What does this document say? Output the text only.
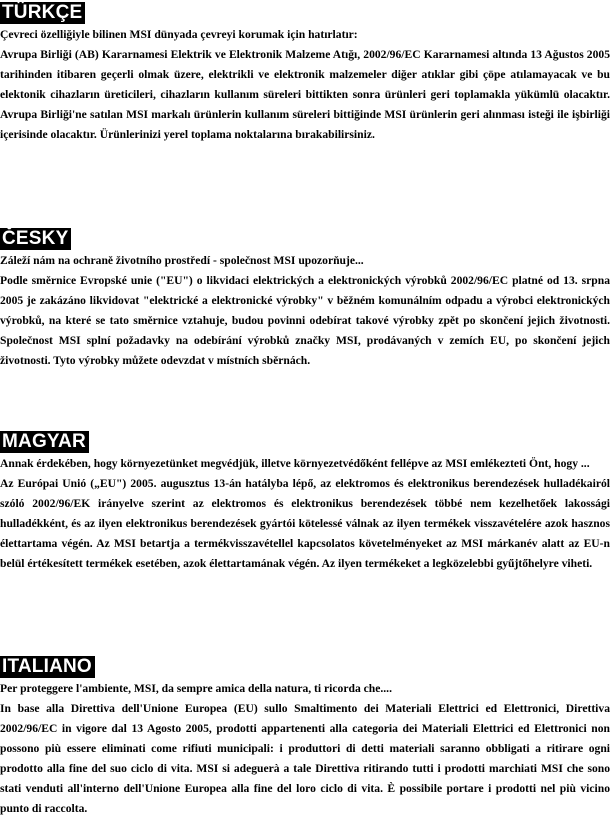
TÜRKÇE

Çevreci özelliğiyle bilinen MSI dünyada çevreyi korumak için hatırlatır:

Avrupa Birliği (AB) Kararnamesi Elektrik ve Elektronik Malzeme Atığı, 2002/96/EC Kararnamesi altında 13 Ağustos 2005 tarihinden itibaren geçerli olmak üzere, elektrikli ve elektronik malzemeler diğer atıklar gibi çöpe atılamayacak ve bu elektonik cihazların üreticileri, cihazların kullanım süreleri bittikten sonra ürünleri geri toplamakla yükümlü olacaktır. Avrupa Birliği'ne satılan MSI markalı ürünlerin kullanım süreleri bittiğinde MSI ürünlerin geri alınması isteği ile işbirliği içerisinde olacaktır. Ürünlerinizi yerel toplama noktalarına bırakabilirsiniz.

ČESKY

Záleží nám na ochraně životního prostředí - společnost MSI upozorňuje...

Podle směrnice Evropské unie ("EU") o likvidaci elektrických a elektronických výrobků 2002/96/EC platné od 13. srpna 2005 je zakázáno likvidovat "elektrické a elektronické výrobky" v běžném komunálním odpadu a výrobci elektronických výrobků, na které se tato směrnice vztahuje, budou povinni odebírat takové výrobky zpět po skončení jejich životnosti. Společnost MSI splní požadavky na odebírání výrobků značky MSI, prodávaných v zemích EU, po skončení jejich životnosti. Tyto výrobky můžete odevzdat v místních sběrnách.

MAGYAR

Annak érdekében, hogy környezetünket megvédjük, illetve környezetvédőként fellépve az MSI emlékezteti Önt, hogy ...

Az Európai Unió („EU") 2005. augusztus 13-án hatályba lépő, az elektromos és elektronikus berendezések hulladékairól szóló 2002/96/EK irányelve szerint az elektromos és elektronikus berendezések többé nem kezelhetőek lakossági hulladékként, és az ilyen elektronikus berendezések gyártói kötelessé válnak az ilyen termékek visszavételére azok hasznos élettartama végén. Az MSI betartja a termékvisszavétellel kapcsolatos követelményeket az MSI márkanév alatt az EU-n belül értékesített termékek esetében, azok élettartamának végén. Az ilyen termékeket a legközelebbi gyűjtőhelyre viheti.

ITALIANO

Per proteggere l'ambiente, MSI, da sempre amica della natura, ti ricorda che....

In base alla Direttiva dell'Unione Europea (EU) sullo Smaltimento dei Materiali Elettrici ed Elettronici, Direttiva 2002/96/EC in vigore dal 13 Agosto 2005, prodotti appartenenti alla categoria dei Materiali Elettrici ed Elettronici non possono più essere eliminati come rifiuti municipali: i produttori di detti materiali saranno obbligati a ritirare ogni prodotto alla fine del suo ciclo di vita. MSI si adeguerà a tale Direttiva ritirando tutti i prodotti marchiati MSI che sono stati venduti all'interno dell'Unione Europea alla fine del loro ciclo di vita. È possibile portare i prodotti nel più vicino punto di raccolta.
